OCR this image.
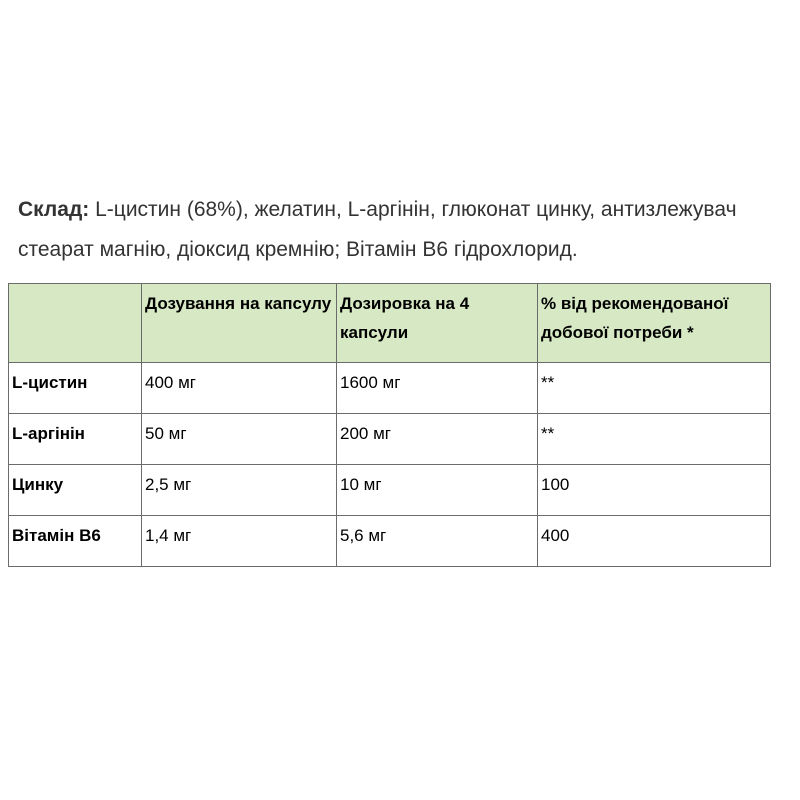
Склад: L-цистин (68%), желатин, L-аргінін, глюконат цинку, антизлежувач
стеарат магнію, діоксид кремнію; Вітамін В6 гідрохлорид.
	Дозування на капсулу	Дозировка на 4 капсули	% від рекомендованої добової потреби *
L-цистин	400 мг	1600 мг	**
L-аргінін	50 мг	200 мг	**
Цинку	2,5 мг	10 мг	100
Вітамін В6	1,4 мг	5,6 мг	400
